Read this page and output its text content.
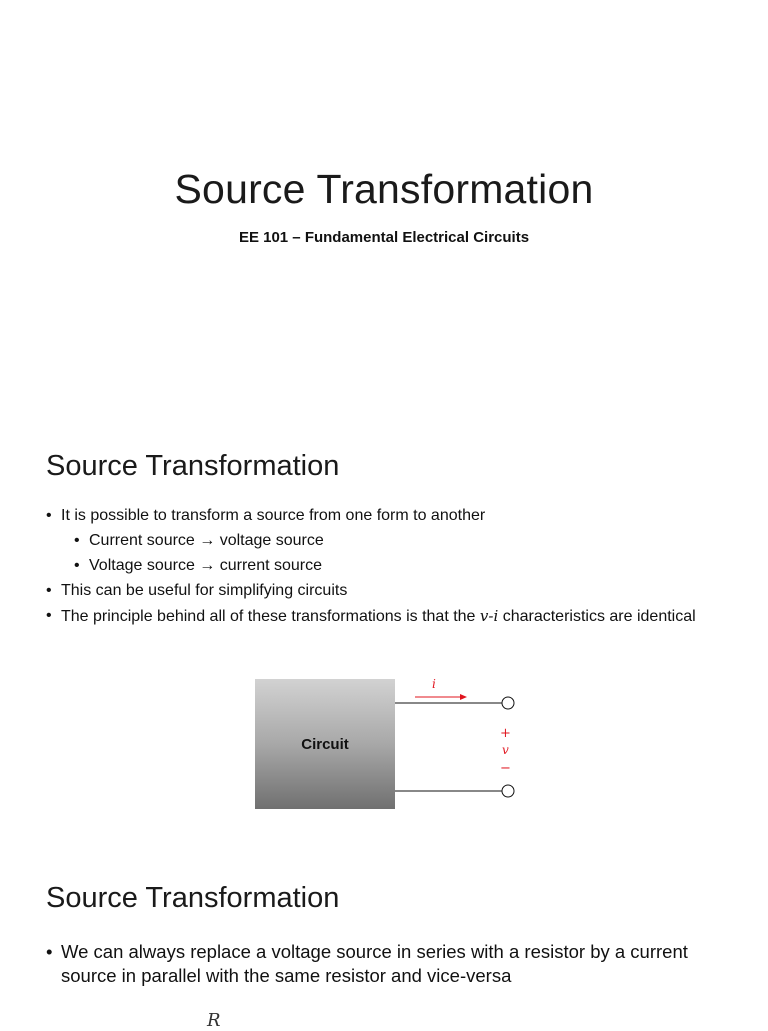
Source Transformation
EE 101 – Fundamental Electrical Circuits
Source Transformation
• It is possible to transform a source from one form to another
• Current source → voltage source
• Voltage source → current source
• This can be useful for simplifying circuits
• The principle behind all of these transformations is that the v-i characteristics are identical
Circuit
i
+
v
−
Source Transformation
• We can always replace a voltage source in series with a resistor by a current source in parallel with the same resistor and vice-versa
R
